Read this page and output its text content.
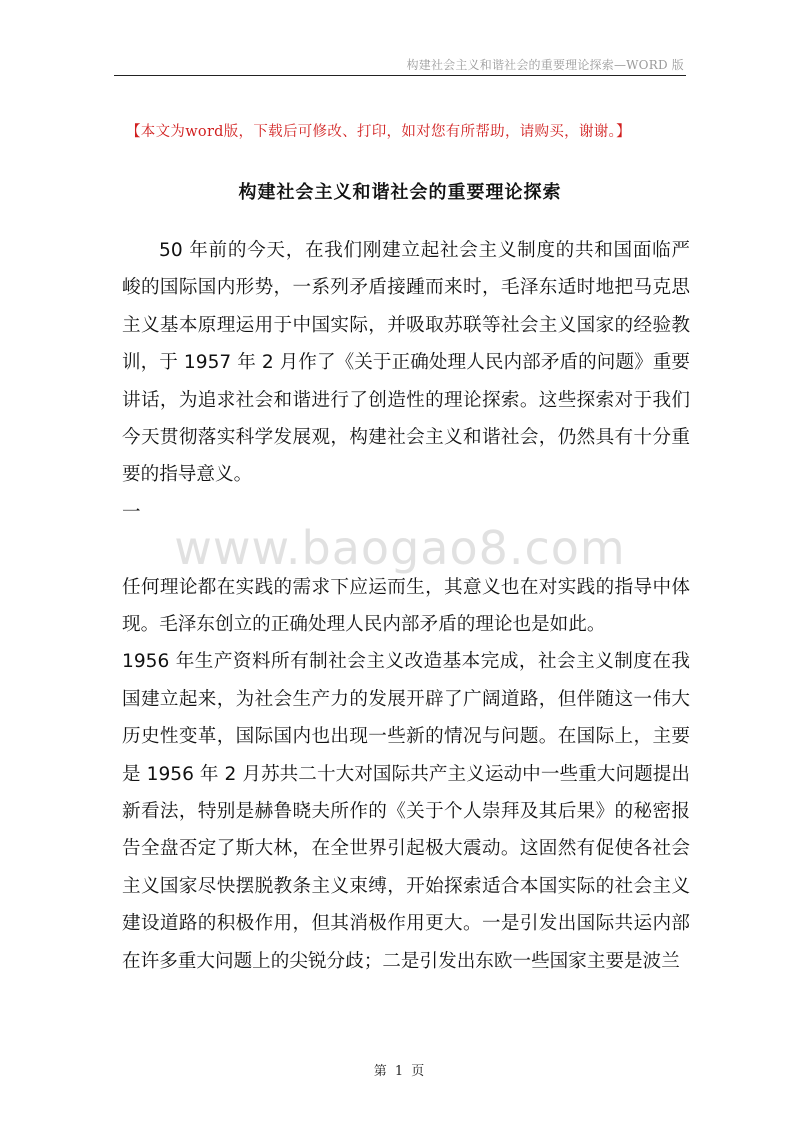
构建社会主义和谐社会的重要理论探索—WORD 版
【本文为word版，下载后可修改、打印，如对您有所帮助，请购买，谢谢。】
构建社会主义和谐社会的重要理论探索

50 年前的今天，在我们刚建立起社会主义制度的共和国面临严峻的国际国内形势，一系列矛盾接踵而来时，毛泽东适时地把马克思主义基本原理运用于中国实际，并吸取苏联等社会主义国家的经验教训，于 1957 年 2 月作了《关于正确处理人民内部矛盾的问题》重要讲话，为追求社会和谐进行了创造性的理论探索。这些探索对于我们今天贯彻落实科学发展观，构建社会主义和谐社会，仍然具有十分重要的指导意义。

一

任何理论都在实践的需求下应运而生，其意义也在对实践的指导中体现。毛泽东创立的正确处理人民内部矛盾的理论也是如此。

1956 年生产资料所有制社会主义改造基本完成，社会主义制度在我国建立起来，为社会生产力的发展开辟了广阔道路，但伴随这一伟大历史性变革，国际国内也出现一些新的情况与问题。在国际上，主要是 1956 年 2 月苏共二十大对国际共产主义运动中一些重大问题提出新看法，特别是赫鲁晓夫所作的《关于个人崇拜及其后果》的秘密报告全盘否定了斯大林，在全世界引起极大震动。这固然有促使各社会主义国家尽快摆脱教条主义束缚，开始探索适合本国实际的社会主义建设道路的积极作用，但其消极作用更大。一是引发出国际共运内部在许多重大问题上的尖锐分歧；二是引发出东欧一些国家主要是波兰

www.baogao8.com
第 1 页
